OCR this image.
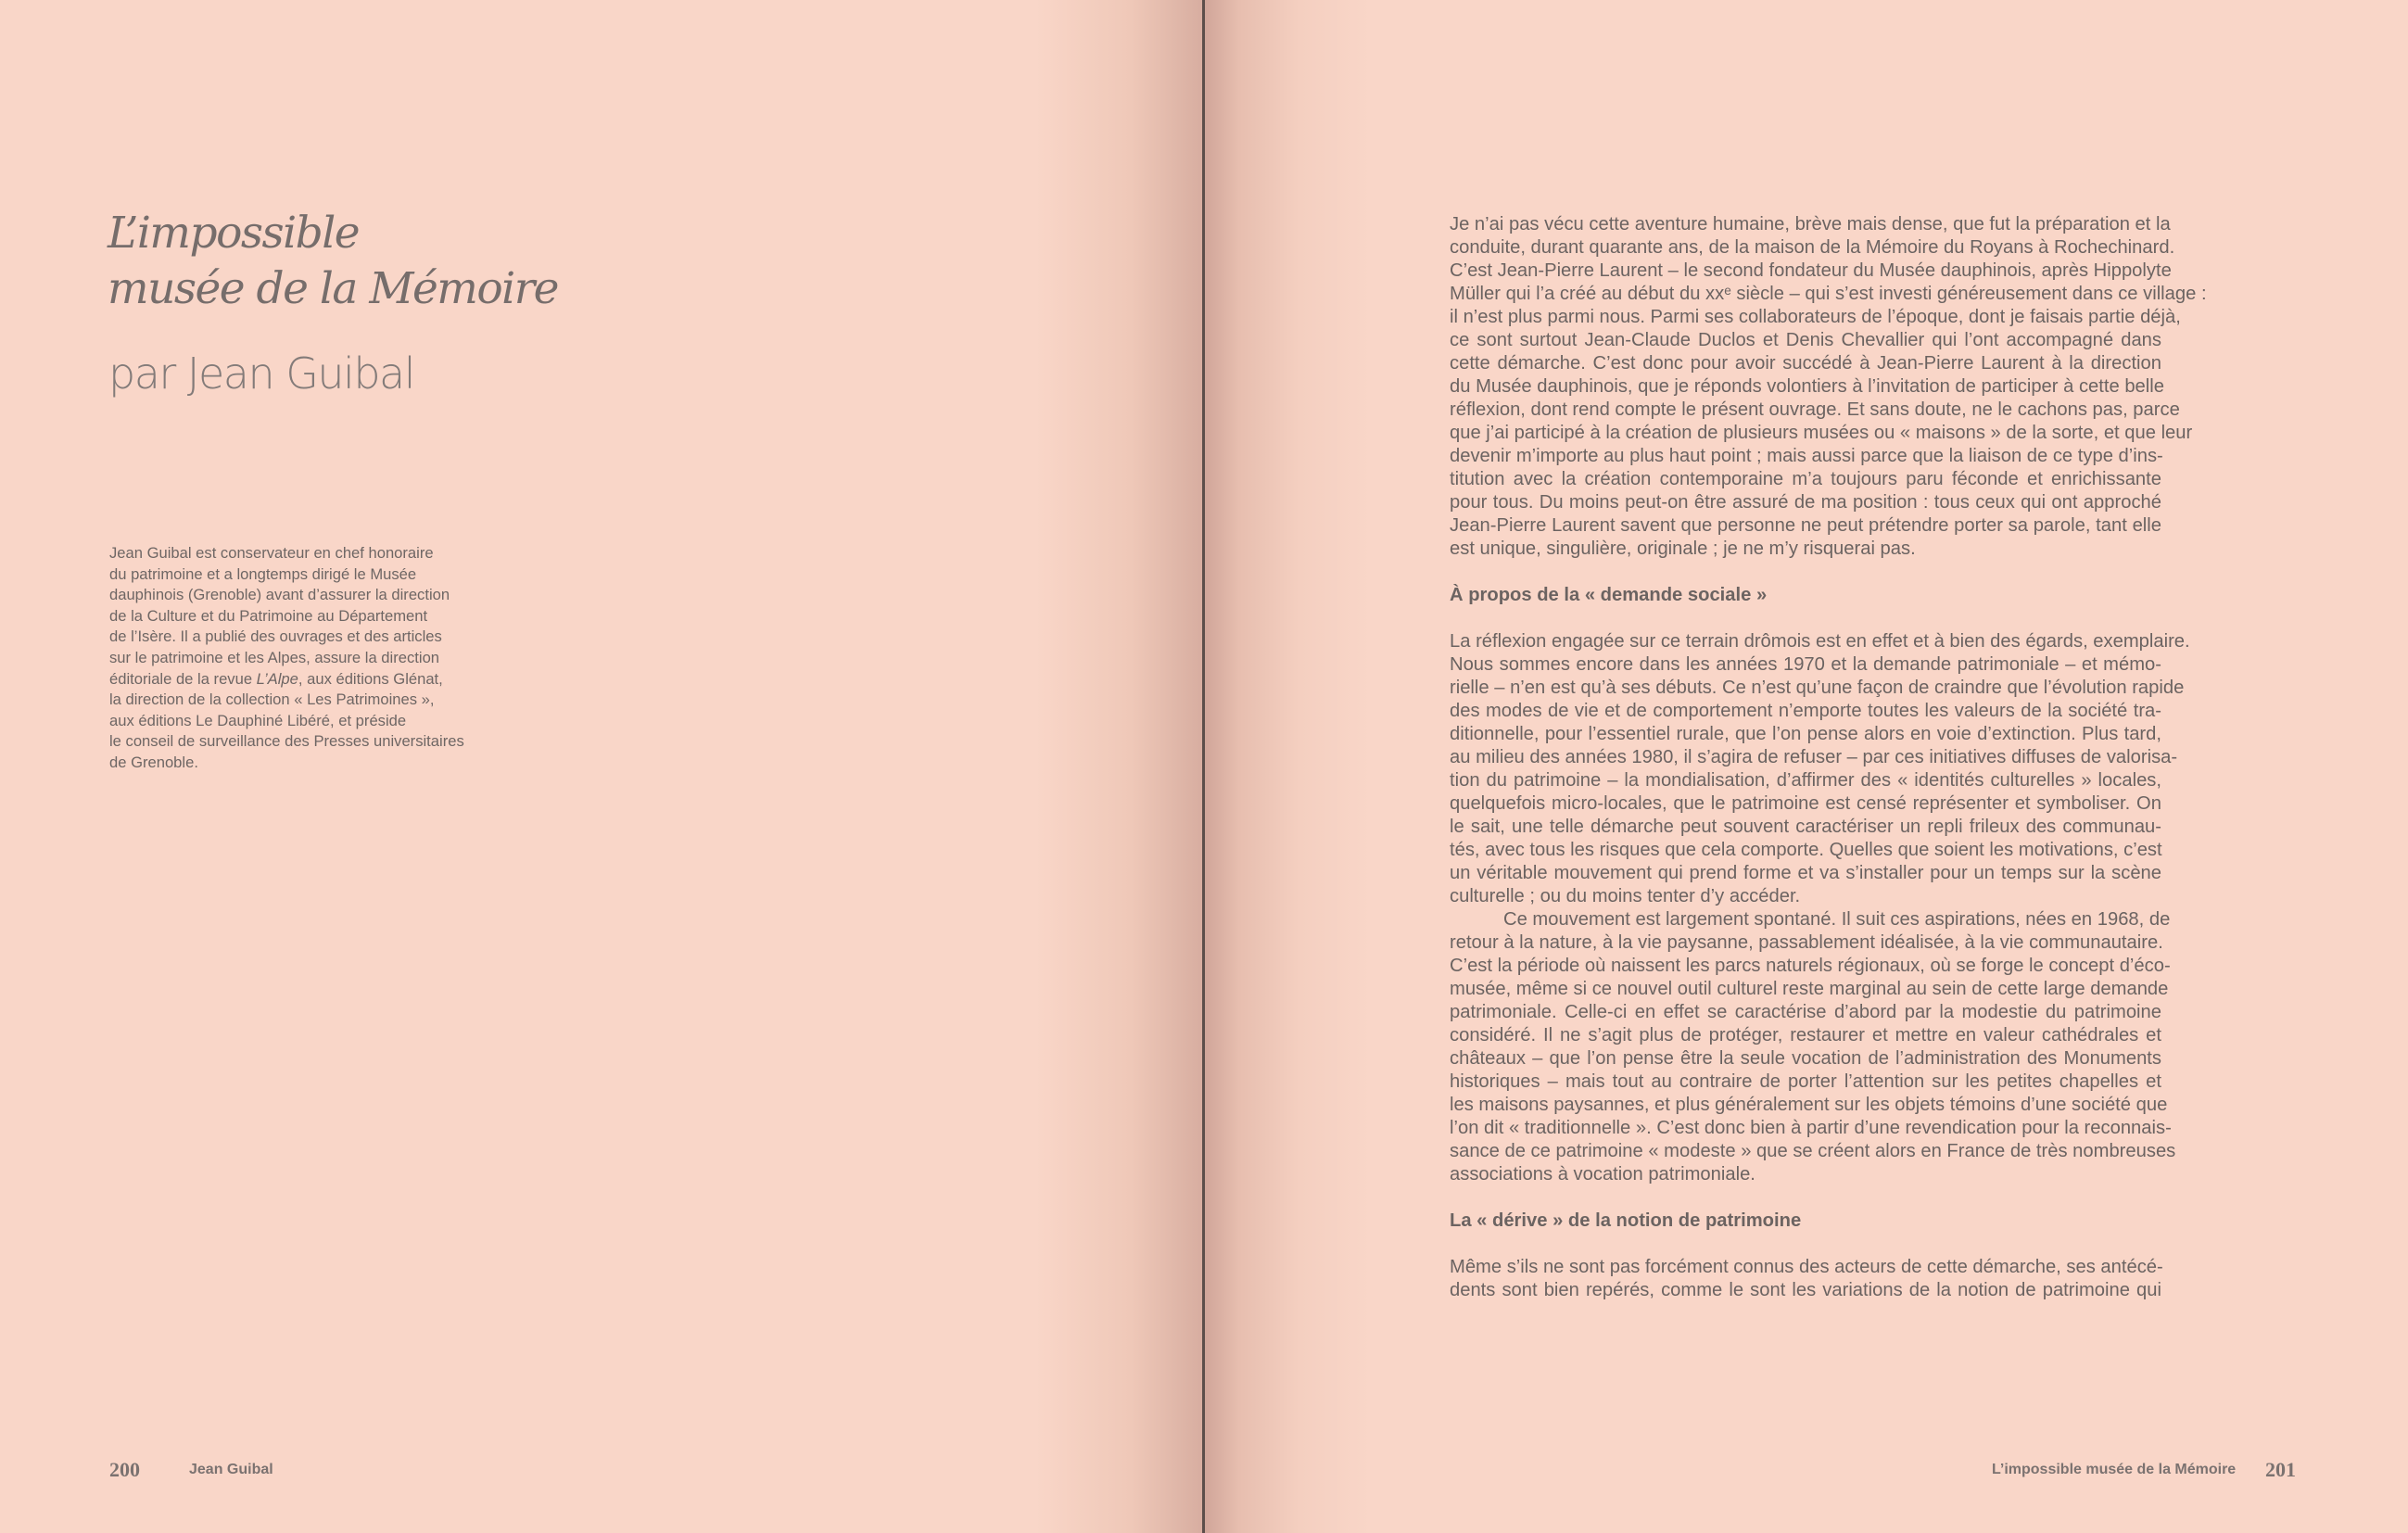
L’impossible
musée de la Mémoire
par Jean Guibal
Jean Guibal est conservateur en chef honoraire
du patrimoine et a longtemps dirigé le Musée
dauphinois (Grenoble) avant d’assurer la direction
de la Culture et du Patrimoine au Département
de l’Isère. Il a publié des ouvrages et des articles
sur le patrimoine et les Alpes, assure la direction
éditoriale de la revue L’Alpe, aux éditions Glénat,
la direction de la collection « Les Patrimoines »,
aux éditions Le Dauphiné Libéré, et préside
le conseil de surveillance des Presses universitaires
de Grenoble.

Je n’ai pas vécu cette aventure humaine, brève mais dense, que fut la préparation et la
conduite, durant quarante ans, de la maison de la Mémoire du Royans à Rochechinard.
C’est Jean-Pierre Laurent – le second fondateur du Musée dauphinois, après Hippolyte
Müller qui l’a créé au début du xxᵉ siècle – qui s’est investi généreusement dans ce village :
il n’est plus parmi nous. Parmi ses collaborateurs de l’époque, dont je faisais partie déjà,
ce sont surtout Jean-Claude Duclos et Denis Chevallier qui l’ont accompagné dans
cette démarche. C’est donc pour avoir succédé à Jean-Pierre Laurent à la direction
du Musée dauphinois, que je réponds volontiers à l’invitation de participer à cette belle
réflexion, dont rend compte le présent ouvrage. Et sans doute, ne le cachons pas, parce
que j’ai participé à la création de plusieurs musées ou « maisons » de la sorte, et que leur
devenir m’importe au plus haut point ; mais aussi parce que la liaison de ce type d’ins-
titution avec la création contemporaine m’a toujours paru féconde et enrichissante
pour tous. Du moins peut-on être assuré de ma position : tous ceux qui ont approché
Jean-Pierre Laurent savent que personne ne peut prétendre porter sa parole, tant elle
est unique, singulière, originale ; je ne m’y risquerai pas.

À propos de la « demande sociale »

La réflexion engagée sur ce terrain drômois est en effet et à bien des égards, exemplaire.
Nous sommes encore dans les années 1970 et la demande patrimoniale – et mémo-
rielle – n’en est qu’à ses débuts. Ce n’est qu’une façon de craindre que l’évolution rapide
des modes de vie et de comportement n’emporte toutes les valeurs de la société tra-
ditionnelle, pour l’essentiel rurale, que l’on pense alors en voie d’extinction. Plus tard,
au milieu des années 1980, il s’agira de refuser – par ces initiatives diffuses de valorisa-
tion du patrimoine – la mondialisation, d’affirmer des « identités culturelles » locales,
quelquefois micro-locales, que le patrimoine est censé représenter et symboliser. On
le sait, une telle démarche peut souvent caractériser un repli frileux des communau-
tés, avec tous les risques que cela comporte. Quelles que soient les motivations, c’est
un véritable mouvement qui prend forme et va s’installer pour un temps sur la scène
culturelle ; ou du moins tenter d’y accéder.

Ce mouvement est largement spontané. Il suit ces aspirations, nées en 1968, de
retour à la nature, à la vie paysanne, passablement idéalisée, à la vie communautaire.
C’est la période où naissent les parcs naturels régionaux, où se forge le concept d’éco-
musée, même si ce nouvel outil culturel reste marginal au sein de cette large demande
patrimoniale. Celle-ci en effet se caractérise d’abord par la modestie du patrimoine
considéré. Il ne s’agit plus de protéger, restaurer et mettre en valeur cathédrales et
châteaux – que l’on pense être la seule vocation de l’administration des Monuments
historiques – mais tout au contraire de porter l’attention sur les petites chapelles et
les maisons paysannes, et plus généralement sur les objets témoins d’une société que
l’on dit « traditionnelle ». C’est donc bien à partir d’une revendication pour la reconnais-
sance de ce patrimoine « modeste » que se créent alors en France de très nombreuses
associations à vocation patrimoniale.

La « dérive » de la notion de patrimoine

Même s’ils ne sont pas forcément connus des acteurs de cette démarche, ses antécé-
dents sont bien repérés, comme le sont les variations de la notion de patrimoine qui

200	Jean Guibal	L’impossible musée de la Mémoire 201
